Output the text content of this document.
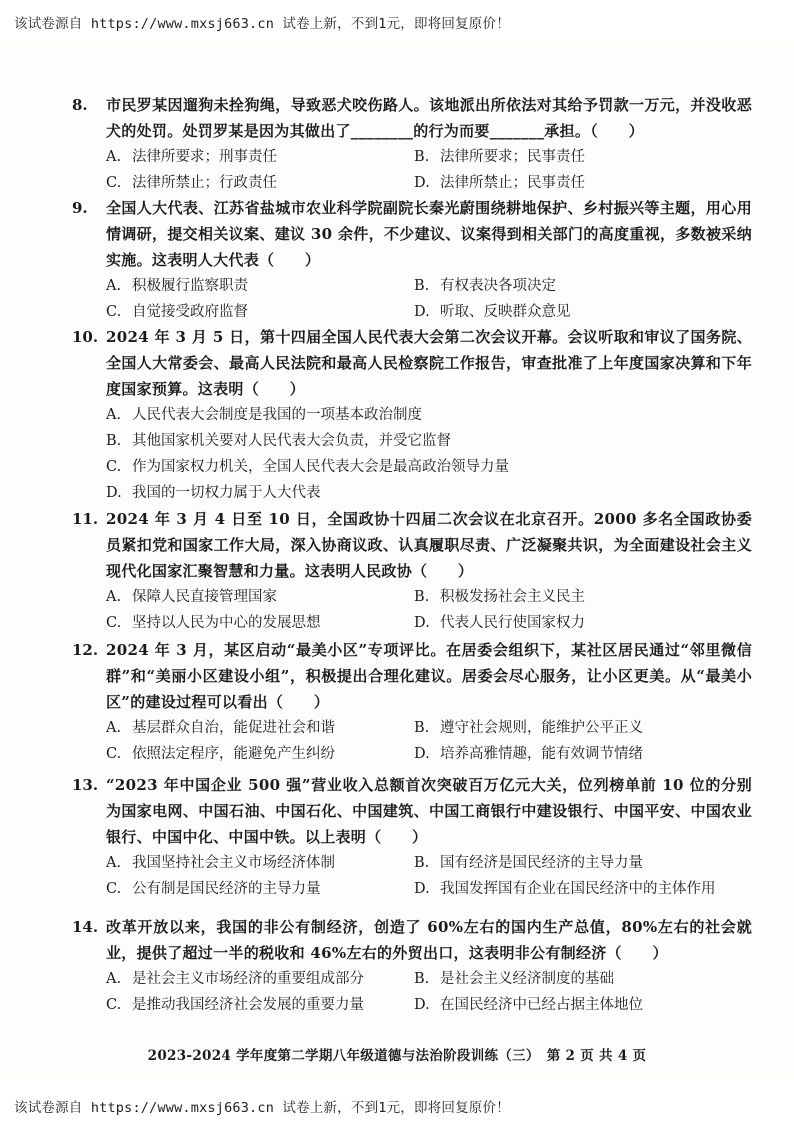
该试卷源自 https://www.mxsj663.cn 试卷上新，不到1元，即将回复原价！
8.	市民罗某因遛狗未拴狗绳，导致恶犬咬伤路人。该地派出所依法对其给予罚款一万元，并没收恶犬的处罚。处罚罗某是因为其做出了________的行为而要_______承担。（　　）
A. 法律所要求；刑事责任	B. 法律所要求；民事责任
C. 法律所禁止；行政责任	D. 法律所禁止；民事责任
9.	全国人大代表、江苏省盐城市农业科学院副院长秦光蔚围绕耕地保护、乡村振兴等主题，用心用情调研，提交相关议案、建议 30 余件，不少建议、议案得到相关部门的高度重视，多数被采纳实施。这表明人大代表（　　）
A. 积极履行监察职责	B. 有权表决各项决定
C. 自觉接受政府监督	D. 听取、反映群众意见
10. 2024 年 3 月 5 日，第十四届全国人民代表大会第二次会议开幕。会议听取和审议了国务院、全国人大常委会、最高人民法院和最高人民检察院工作报告，审查批准了上年度国家决算和下年度国家预算。这表明（　　）
A. 人民代表大会制度是我国的一项基本政治制度
B. 其他国家机关要对人民代表大会负责，并受它监督
C. 作为国家权力机关，全国人民代表大会是最高政治领导力量
D. 我国的一切权力属于人大代表
11. 2024 年 3 月 4 日至 10 日，全国政协十四届二次会议在北京召开。2000 多名全国政协委员紧扣党和国家工作大局，深入协商议政、认真履职尽责、广泛凝聚共识，为全面建设社会主义现代化国家汇聚智慧和力量。这表明人民政协（　　）
A. 保障人民直接管理国家	B. 积极发扬社会主义民主
C. 坚持以人民为中心的发展思想	D. 代表人民行使国家权力
12. 2024 年 3 月，某区启动“最美小区”专项评比。在居委会组织下，某社区居民通过“邻里微信群”和“美丽小区建设小组”，积极提出合理化建议。居委会尽心服务，让小区更美。从“最美小区”的建设过程可以看出（　　）
A. 基层群众自治，能促进社会和谐	B. 遵守社会规则，能维护公平正义
C. 依照法定程序，能避免产生纠纷	D. 培养高雅情趣，能有效调节情绪
13. “2023 年中国企业 500 强”营业收入总额首次突破百万亿元大关，位列榜单前 10 位的分别为国家电网、中国石油、中国石化、中国建筑、中国工商银行中建设银行、中国平安、中国农业银行、中国中化、中国中铁。以上表明（　　）
A. 我国坚持社会主义市场经济体制	B. 国有经济是国民经济的主导力量
C. 公有制是国民经济的主导力量	D. 我国发挥国有企业在国民经济中的主体作用
14. 改革开放以来，我国的非公有制经济，创造了 60%左右的国内生产总值，80%左右的社会就业，提供了超过一半的税收和 46%左右的外贸出口，这表明非公有制经济（　　）
A. 是社会主义市场经济的重要组成部分	B. 是社会主义经济制度的基础
C. 是推动我国经济社会发展的重要力量	D. 在国民经济中已经占据主体地位
2023-2024 学年度第二学期八年级道德与法治阶段训练（三）　第 2 页 共 4 页
该试卷源自 https://www.mxsj663.cn 试卷上新，不到1元，即将回复原价！
